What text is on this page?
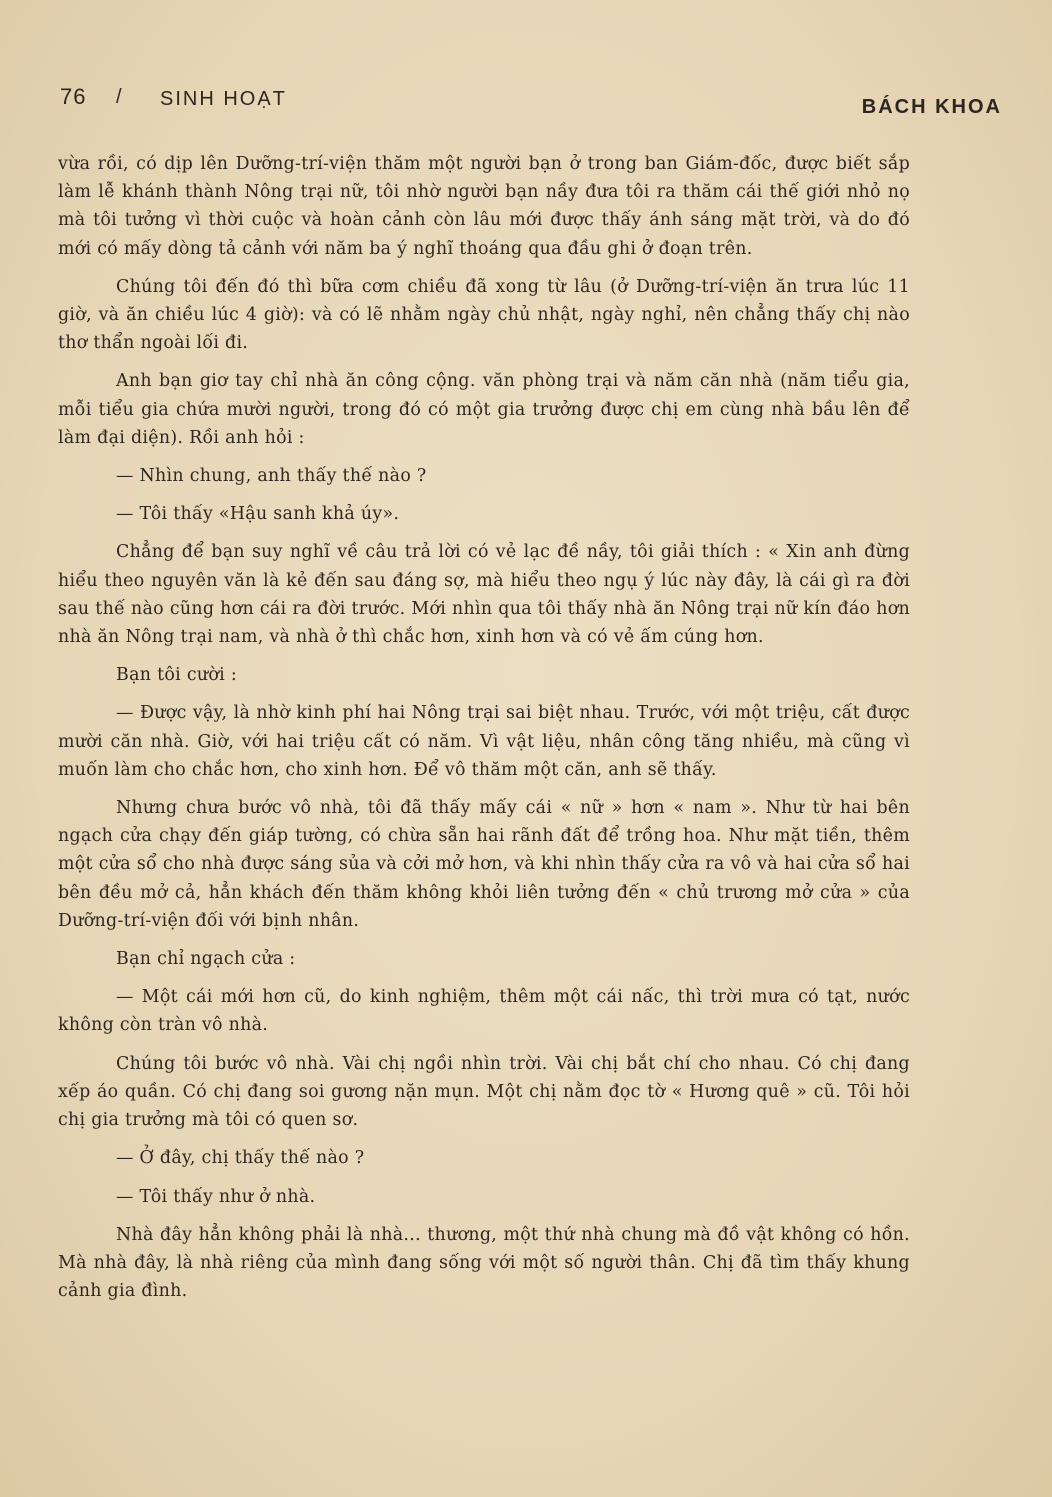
76 / SINH HOẠT	BÁCH KHOA

vừa rồi, có dịp lên Dưỡng-trí-viện thăm một người bạn ở trong ban Giám-đốc, được biết sắp làm lễ khánh thành Nông trại nữ, tôi nhờ người bạn nầy đưa tôi ra thăm cái thế giới nhỏ nọ mà tôi tưởng vì thời cuộc và hoàn cảnh còn lâu mới được thấy ánh sáng mặt trời, và do đó mới có mấy dòng tả cảnh với năm ba ý nghĩ thoáng qua đầu ghi ở đoạn trên.

Chúng tôi đến đó thì bữa cơm chiều đã xong từ lâu (ở Dưỡng-trí-viện ăn trưa lúc 11 giờ, và ăn chiều lúc 4 giờ): và có lẽ nhằm ngày chủ nhật, ngày nghỉ, nên chẳng thấy chị nào thơ thẩn ngoài lối đi.

Anh bạn giơ tay chỉ nhà ăn công cộng. văn phòng trại và năm căn nhà (năm tiểu gia, mỗi tiểu gia chứa mười người, trong đó có một gia trưởng được chị em cùng nhà bầu lên để làm đại diện). Rồi anh hỏi :

— Nhìn chung, anh thấy thế nào ?

— Tôi thấy «Hậu sanh khả úy».

Chẳng để bạn suy nghĩ về câu trả lời có vẻ lạc đề nầy, tôi giải thích : « Xin anh đừng hiểu theo nguyên văn là kẻ đến sau đáng sợ, mà hiểu theo ngụ ý lúc này đây, là cái gì ra đời sau thế nào cũng hơn cái ra đời trước. Mới nhìn qua tôi thấy nhà ăn Nông trại nữ kín đáo hơn nhà ăn Nông trại nam, và nhà ở thì chắc hơn, xinh hơn và có vẻ ấm cúng hơn.

Bạn tôi cười :

— Được vậy, là nhờ kinh phí hai Nông trại sai biệt nhau. Trước, với một triệu, cất được mười căn nhà. Giờ, với hai triệu cất có năm. Vì vật liệu, nhân công tăng nhiều, mà cũng vì muốn làm cho chắc hơn, cho xinh hơn. Để vô thăm một căn, anh sẽ thấy.

Nhưng chưa bước vô nhà, tôi đã thấy mấy cái « nữ » hơn « nam ». Như từ hai bên ngạch cửa chạy đến giáp tường, có chừa sẵn hai rãnh đất để trồng hoa. Như mặt tiền, thêm một cửa sổ cho nhà được sáng sủa và cởi mở hơn, và khi nhìn thấy cửa ra vô và hai cửa sổ hai bên đều mở cả, hẳn khách đến thăm không khỏi liên tưởng đến « chủ trương mở cửa » của Dưỡng-trí-viện đối với bịnh nhân.

Bạn chỉ ngạch cửa :

— Một cái mới hơn cũ, do kinh nghiệm, thêm một cái nấc, thì trời mưa có tạt, nước không còn tràn vô nhà.

Chúng tôi bước vô nhà. Vài chị ngồi nhìn trời. Vài chị bắt chí cho nhau. Có chị đang xếp áo quần. Có chị đang soi gương nặn mụn. Một chị nằm đọc tờ « Hương quê » cũ. Tôi hỏi chị gia trưởng mà tôi có quen sơ.

— Ở đây, chị thấy thế nào ?

— Tôi thấy như ở nhà.

Nhà đây hẳn không phải là nhà... thương, một thứ nhà chung mà đồ vật không có hồn. Mà nhà đây, là nhà riêng của mình đang sống với một số người thân. Chị đã tìm thấy khung cảnh gia đình.
